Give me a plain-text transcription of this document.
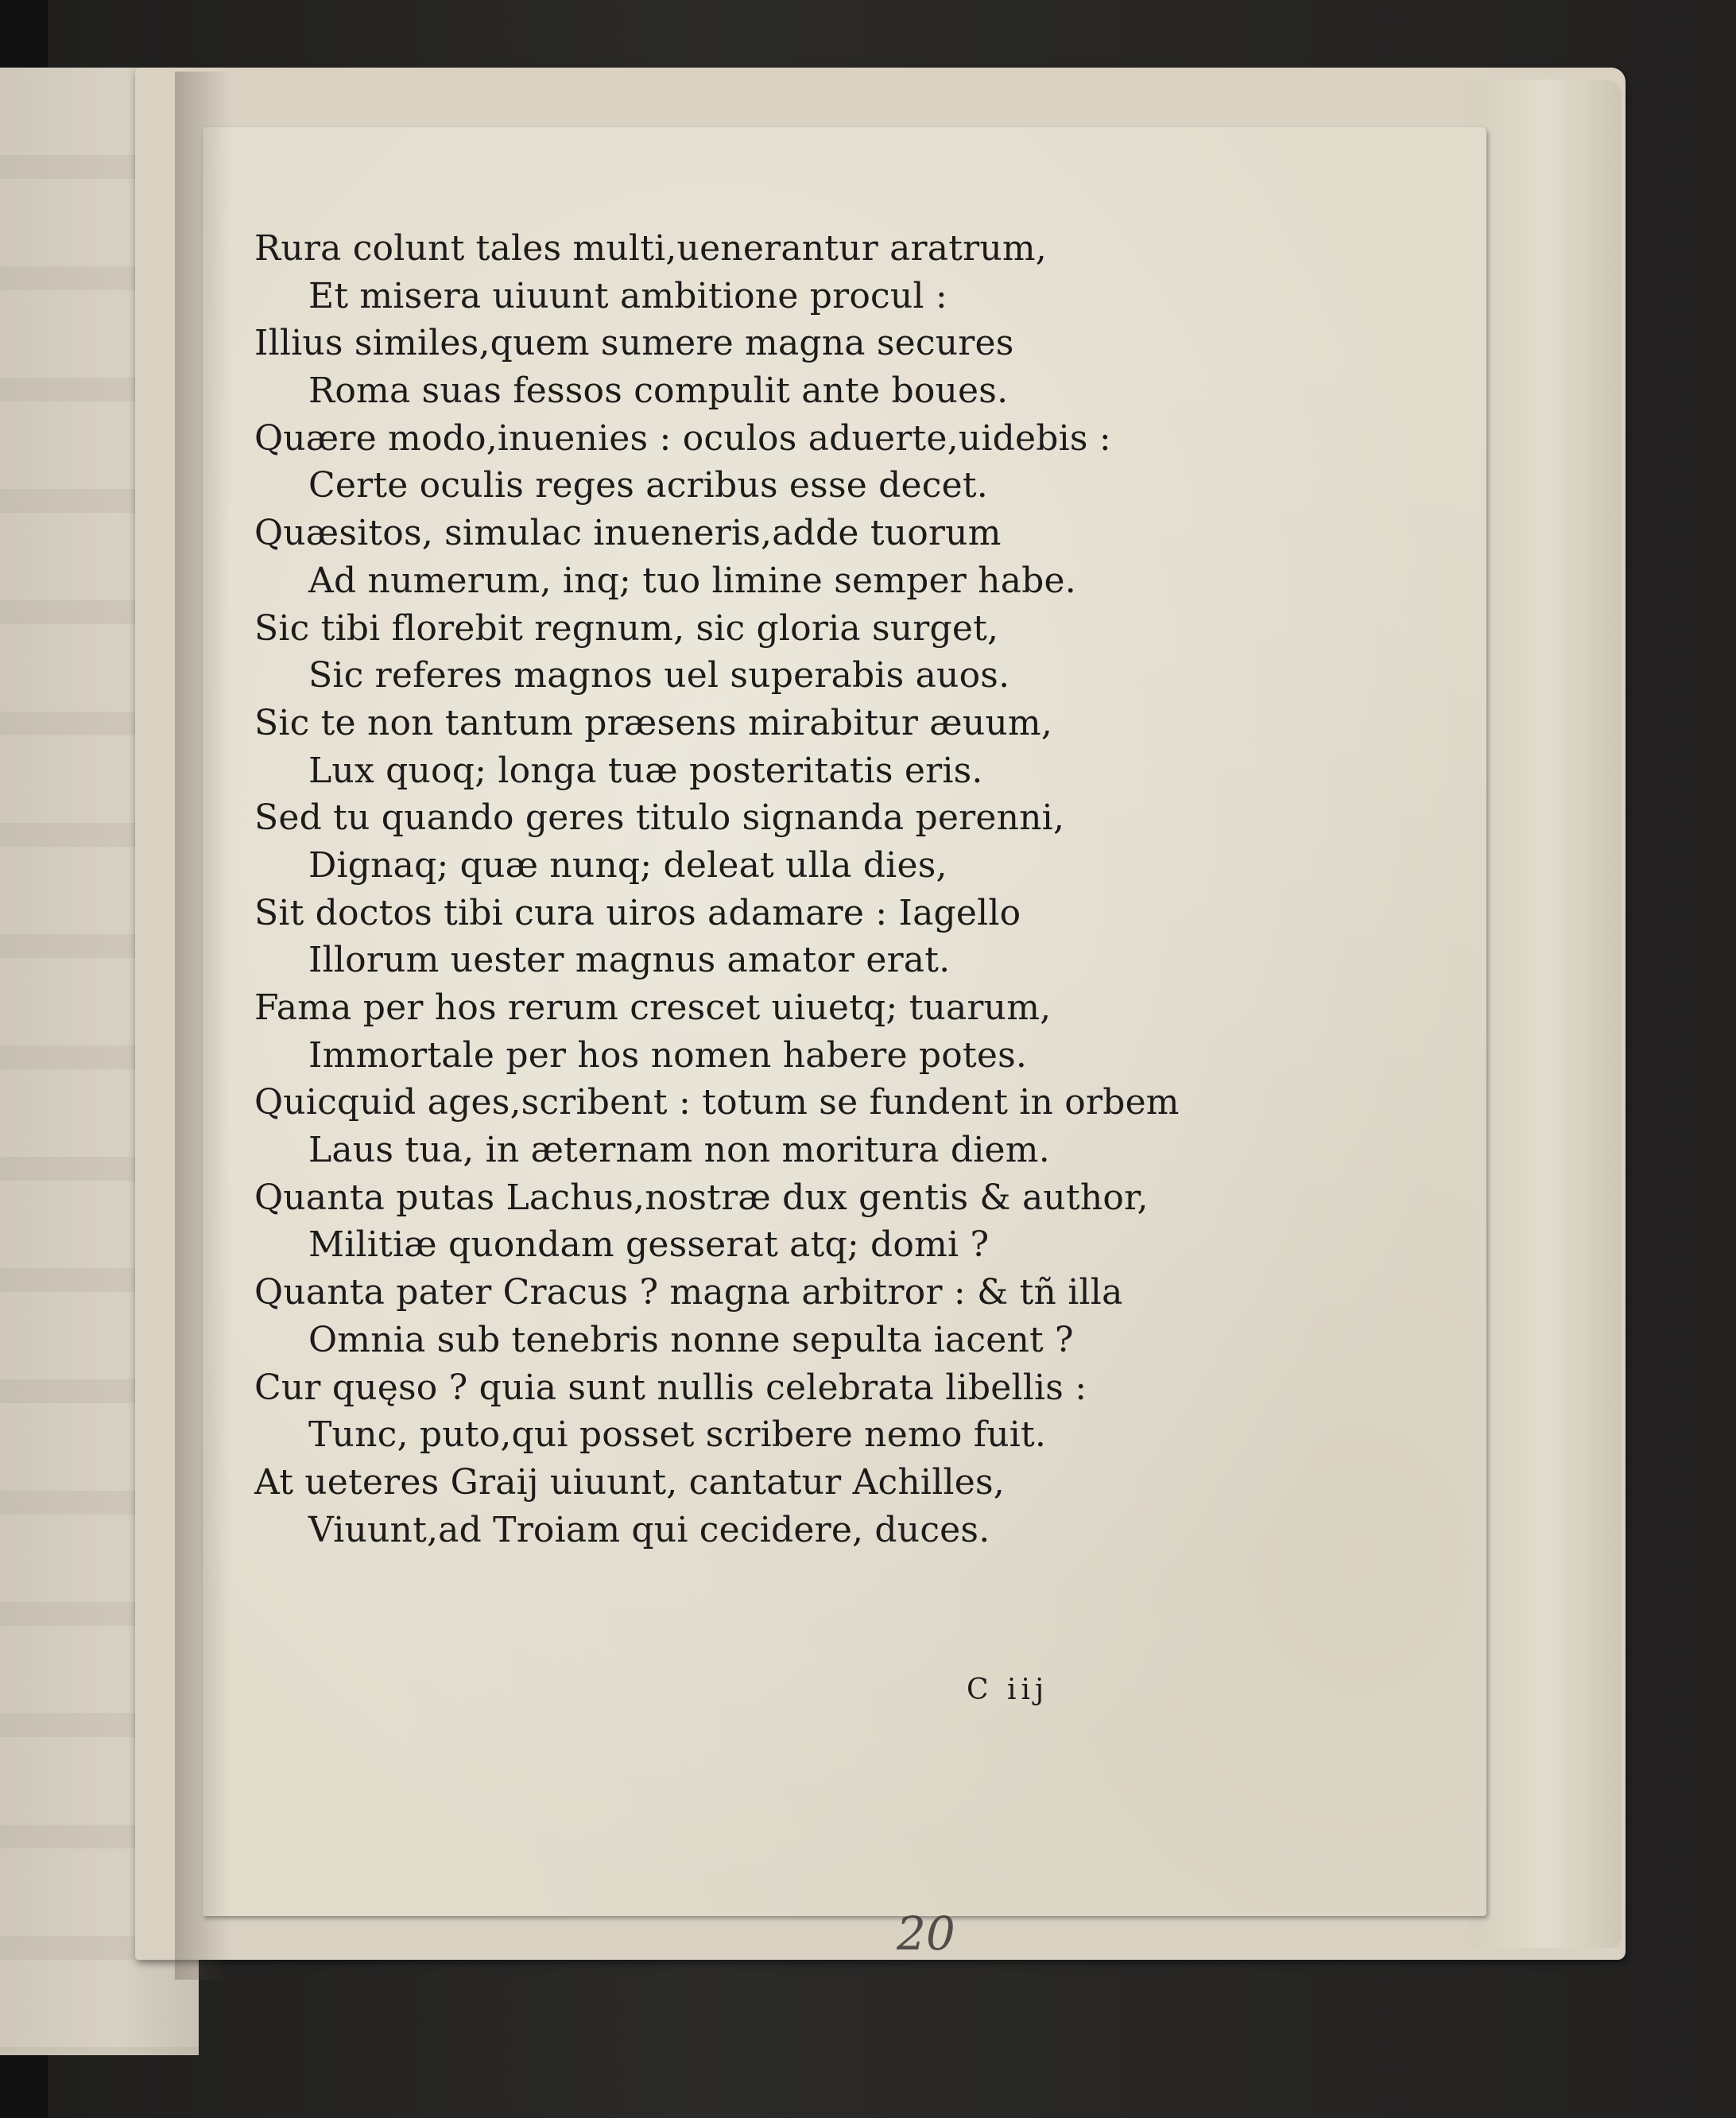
20
Rura colunt tales multi,uenerantur aratrum,
Et misera uiuunt ambitione procul :
Illius similes,quem sumere magna secures
Roma suas fessos compulit ante boues.
Quære modo,inuenies : oculos aduerte,uidebis :
Certe oculis reges acribus esse decet.
Quæsitos, simulac inueneris,adde tuorum
Ad numerum, inq; tuo limine semper habe.
Sic tibi florebit regnum, sic gloria surget,
Sic referes magnos uel superabis auos.
Sic te non tantum præsens mirabitur æuum,
Lux quoq; longa tuæ posteritatis eris.
Sed tu quando geres titulo signanda perenni,
Dignaq; quæ nunq; deleat ulla dies,
Sit doctos tibi cura uiros adamare : Iagello
Illorum uester magnus amator erat.
Fama per hos rerum crescet uiuetq; tuarum,
Immortale per hos nomen habere potes.
Quicquid ages,scribent : totum se fundent in orbem
Laus tua, in æternam non moritura diem.
Quanta putas Lachus,nostræ dux gentis & author,
Militiæ quondam gesserat atq; domi ?
Quanta pater Cracus ? magna arbitror : & tñ illa
Omnia sub tenebris nonne sepulta iacent ?
Cur quęso ? quia sunt nullis celebrata libellis :
Tunc, puto,qui posset scribere nemo fuit.
At ueteres Graij uiuunt, cantatur Achilles,
Viuunt,ad Troiam qui cecidere, duces.
C iij
